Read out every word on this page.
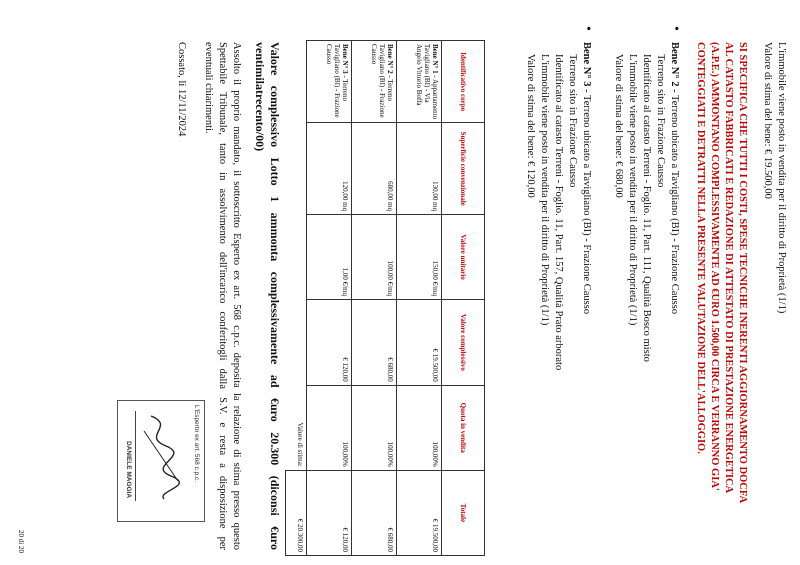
L'immobile viene posto in vendita per il diritto di Proprietà (1/1)
Valore di stima del bene: € 19.500,00
SI SPECIFICA CHE TUTTI I COSTI, SPESE TECNICHE INERENTI AGGIORNAMENTO DOCFA
AL CATASTO FABBRICATI E REDAZIONE DI ATTESTATO DI PRESTAZIONE ENERGETICA
(A.P.E.) AMMONTANO COMPLESSIVAMENTE AD €URO 1.500,00 CIRCA E VERRANNO GIA'
CONTEGGIATI E DETRATTI NELLA PRESENTE VALUTAZIONE DELL'ALLOGGIO.
•
Bene N° 2 - Terreno ubicato a Tavigliano (BI) - Frazione Causso
Terreno sito in Frazione Causso
Identificato al catasto Terreni - Foglio. 11, Part. 111, Qualità Bosco misto
L'immobile viene posto in vendita per il diritto di Proprietà (1/1)
Valore di stima del bene: € 680,00
•
Bene N° 3 - Terreno ubicato a Tavigliano (BI) - Frazione Causso
Terreno sito in Frazione Causso
Identificato al catasto Terreni - Foglio. 11, Part. 157, Qualità Prato arborato
L'immobile viene posto in vendita per il diritto di Proprietà (1/1)
Valore di stima del bene: € 120,00
Identificativo corpo	Superficie convenzionale	Valore unitario	Valore complessivo	Quota in vendita	Totale
Bene N° 1 - Appartamento Tavigliano (BI) - Via Angelo Vittorio Boffa	130,00 mq	150,00 €/mq	€ 19.500,00	100,00%	€ 19.500,00
Bene N° 2 - Terreno Tavigliano (BI) - Frazione Causso	680,00 mq	100,00 €/mq	€ 680,00	100,00%	€ 680,00
Bene N° 3 - Terreno Tavigliano (BI) - Frazione Causso	120,00 mq	1,00 €/mq	€ 120,00	100,00%	€ 120,00
Valore di stima:					€ 20.300,00
Valore complessivo Lotto 1 ammonta complessivamente ad €uro 20.300 (diconsi €uro
ventimilatrecento/00)
Assolto il proprio mandato, il sottoscritto Esperto ex art. 568 c.p.c. deposita la relazione di stima presso questo
Spettabile Tribunale, tanto in assolvimento dell'incarico conferitogli dalla S.V. e resta a disposizione per
eventuali chiarimenti.
Cossato, li 12/11/2024
L'Esperto ex art. 568 c.p.c.
DANIELE MAGGIA
20 di 20
